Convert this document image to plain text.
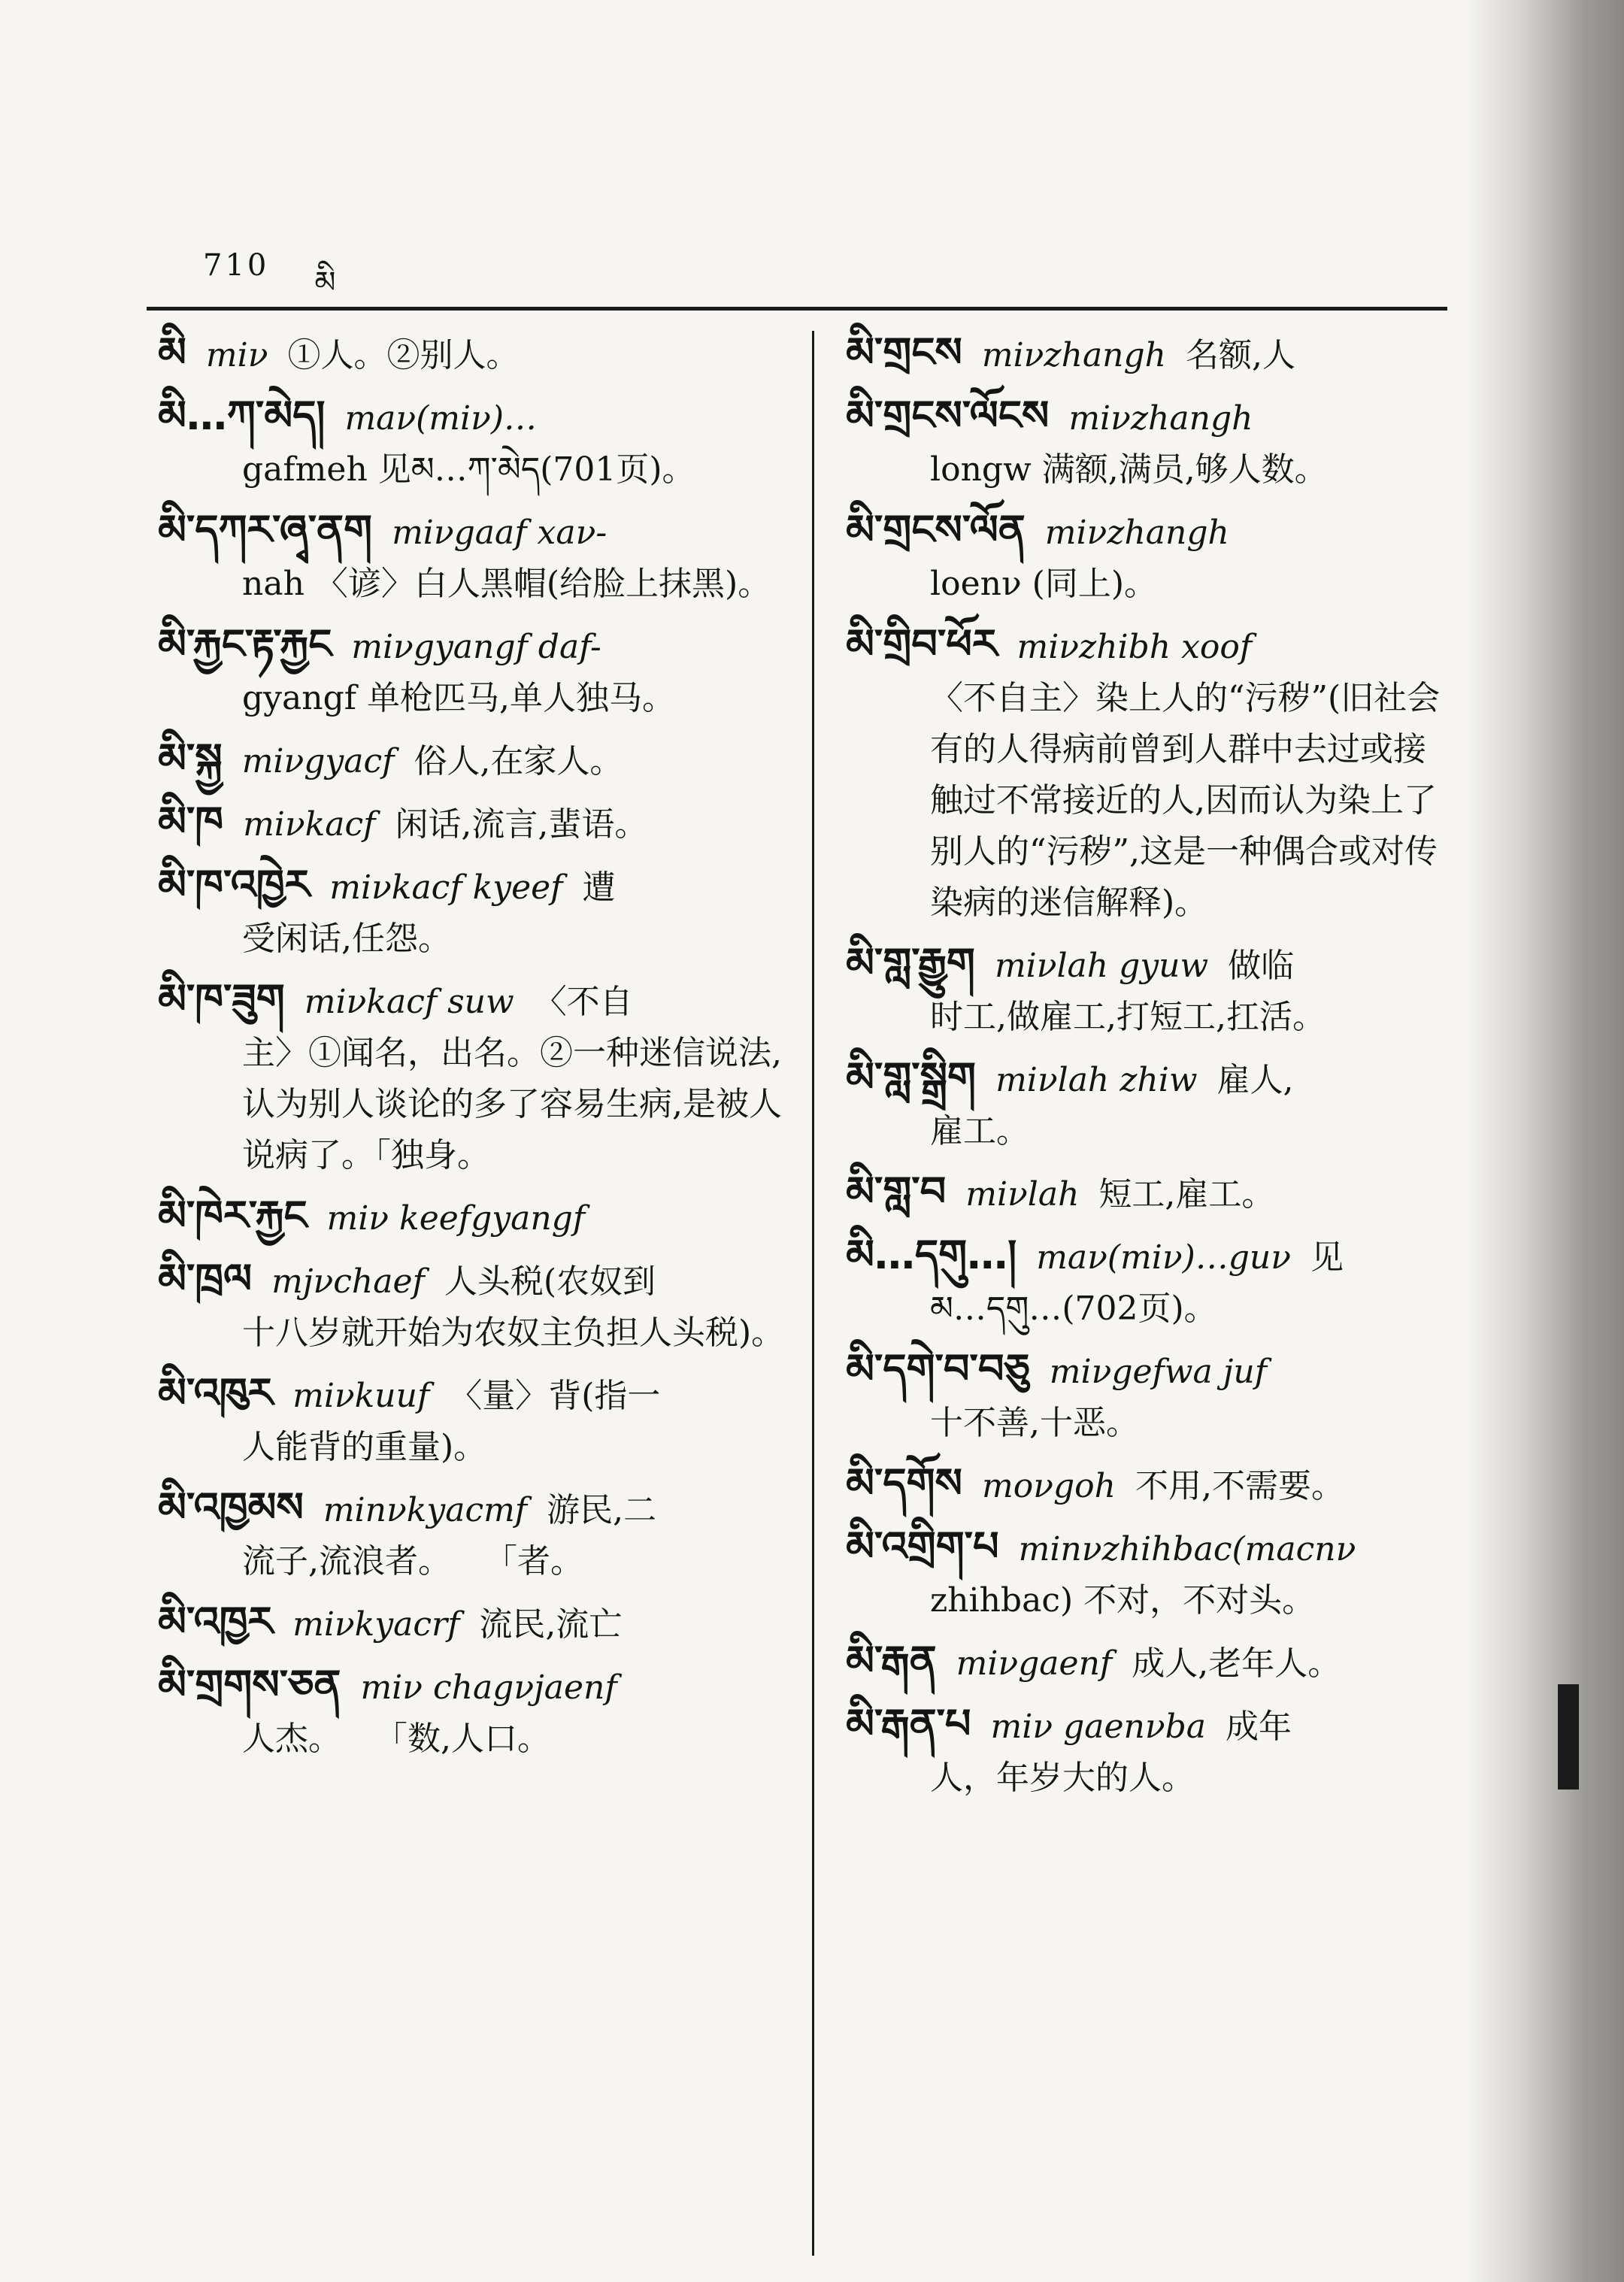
710 མི
མི miν ①人。②别人。
མི…ཀ་མེད། maν(miν)…
gafmeh 见མ…ཀ་མེད(701页)。
མི་དཀར་ཞྭ་ནག miνgaaf xaν-
nah 〈谚〉白人黑帽(给脸上抹黑)。
མི་རྐྱང་རྟ་རྐྱང miνgyangf daf-
gyangf 单枪匹马,单人独马。
མི་སྐྱ miνgyacf 俗人,在家人。
མི་ཁ miνkacf 闲话,流言,蜚语。
མི་ཁ་འཁྱེར miνkacf kyeef 遭
受闲话,任怨。
མི་ཁ་ཟུག miνkacf suw 〈不自
主〉①闻名，出名。②一种迷信说法,认为别人谈论的多了容易生病,是被人说病了。「独身。
མི་ཁེར་རྐྱང miν keefgyangf
མི་ཁྲལ mjνchaef 人头税(农奴到
十八岁就开始为农奴主负担人头税)。
མི་འཁུར miνkuuf 〈量〉背(指一
人能背的重量)。
མི་འཁྱམས minνkyacmf 游民,二
流子,流浪者。　　「者。
མི་འཁྱར miνkyacrf 流民,流亡
མི་གྲགས་ཅན miν chagνjaenf
人杰。　　「数,人口。
མི་གྲངས miνzhangh 名额,人
མི་གྲངས་ལོངས miνzhangh
longw 满额,满员,够人数。
མི་གྲངས་ལོན miνzhangh
loenν (同上)。
མི་གྲིབ་ཕོར miνzhibh xoof
〈不自主〉染上人的“污秽”(旧社会有的人得病前曾到人群中去过或接触过不常接近的人,因而认为染上了别人的“污秽”,这是一种偶合或对传染病的迷信解释)。
མི་གླ་རྒྱུག miνlah gyuw 做临
时工,做雇工,打短工,扛活。
མི་གླ་སྒྲིག miνlah zhiw 雇人,
雇工。
མི་གླ་བ miνlah 短工,雇工。
མི…དགུ…། maν(miν)…guν 见
མ…དགུ…(702页)。
མི་དགེ་བ་བཅུ miνgefwa juf
十不善,十恶。
མི་དགོས moνgoh 不用,不需要。
མི་འགྲིག་པ minνzhihbac(macnν
zhihbac) 不对，不对头。
མི་རྒན miνgaenf 成人,老年人。
མི་རྒན་པ miν gaenνba 成年
人，年岁大的人。
